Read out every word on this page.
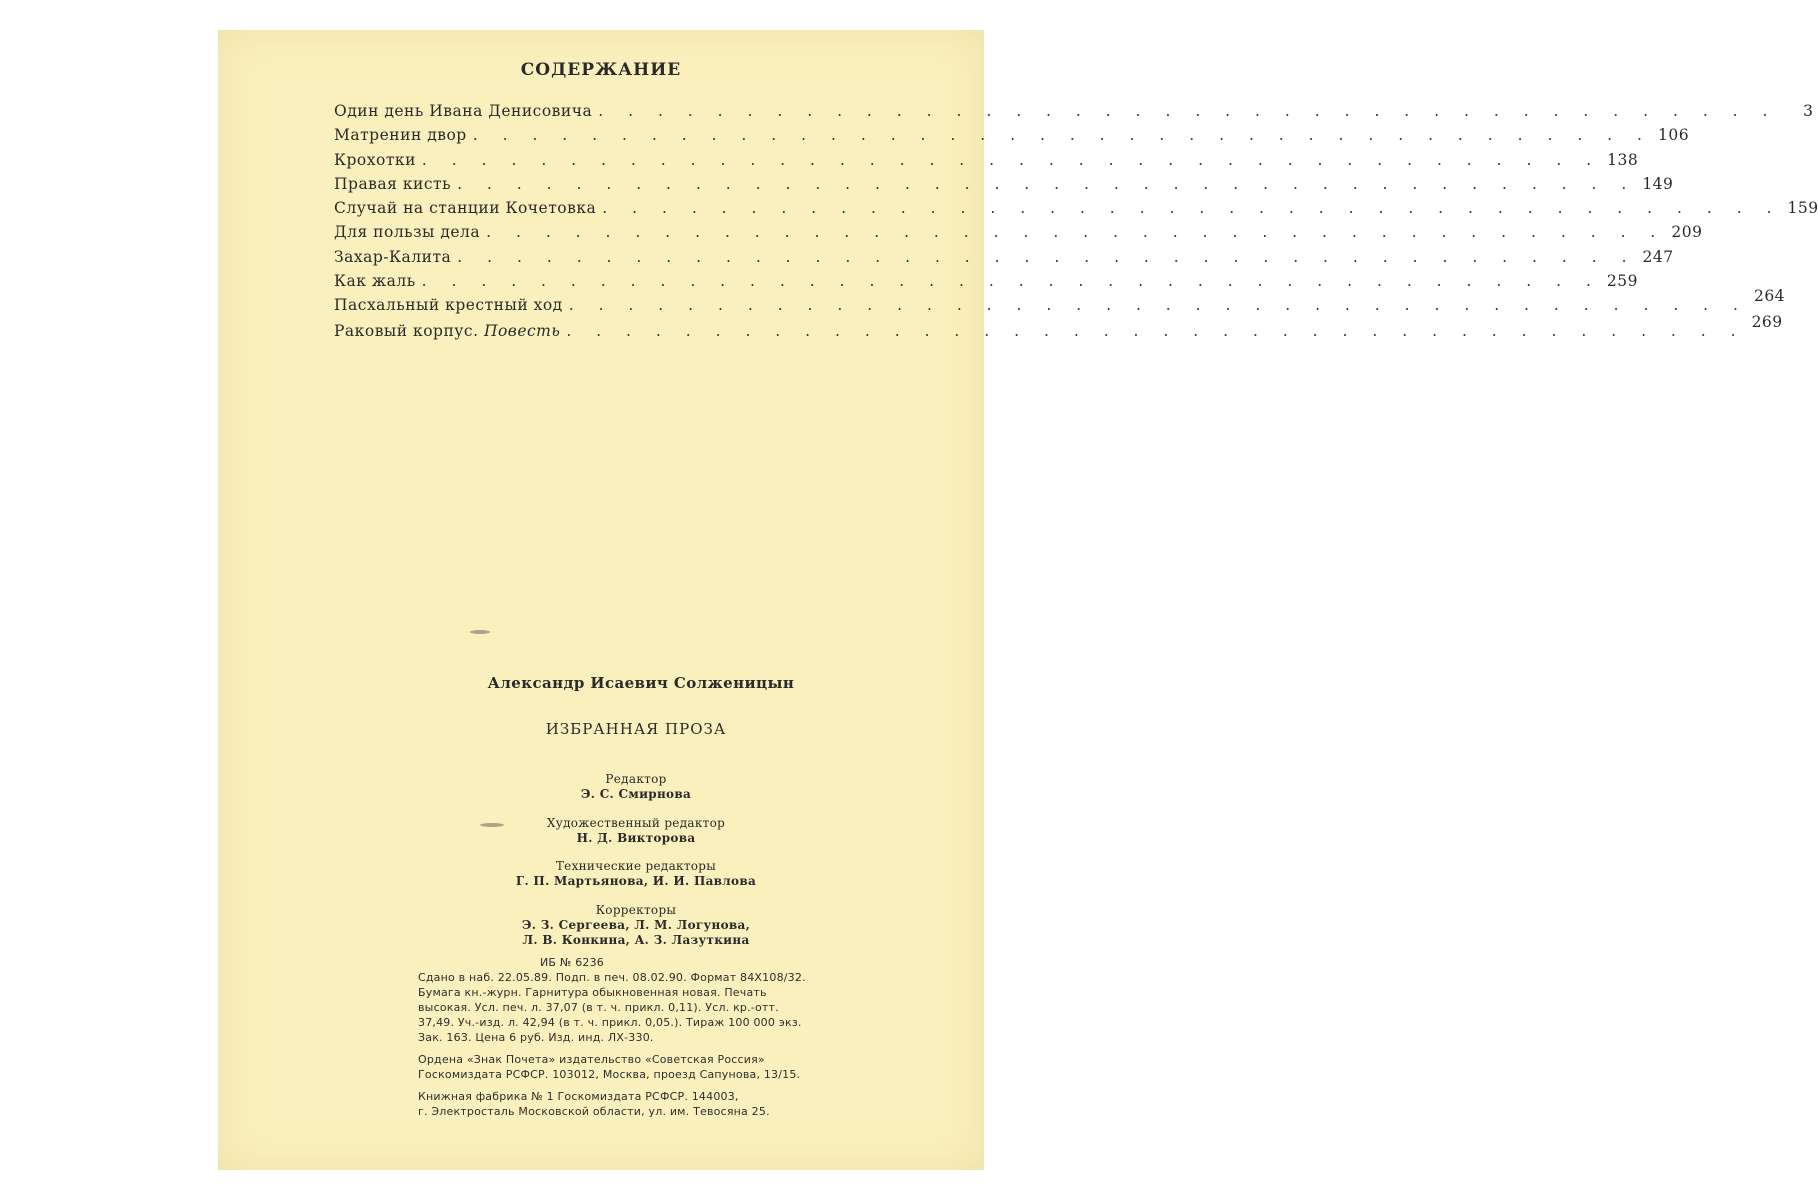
СОДЕРЖАНИЕ
Один день Ивана Денисовича . . . . . . . . . . . . . . . . . . . . . . . . . . . . . . . . . . . . . . . .	3
Матренин двор . . . . . . . . . . . . . . . . . . . . . . . . . . . . . . . . . . . . . . . . 106
Крохотки . . . . . . . . . . . . . . . . . . . . . . . . . . . . . . . . . . . . . . . . 138
Правая кисть . . . . . . . . . . . . . . . . . . . . . . . . . . . . . . . . . . . . . . . . 149
Случай на станции Кочетовка . . . . . . . . . . . . . . . . . . . . . . . . . . . . . . . . . . . . . . . . 159
Для пользы дела . . . . . . . . . . . . . . . . . . . . . . . . . . . . . . . . . . . . . . . . 209
Захар-Калита . . . . . . . . . . . . . . . . . . . . . . . . . . . . . . . . . . . . . . . . 247
Как жаль . . . . . . . . . . . . . . . . . . . . . . . . . . . . . . . . . . . . . . . . 259
Пасхальный крестный ход . . . . . . . . . . . . . . . . . . . . . . . . . . . . . . . . . . . . . . . . 264
Раковый корпус. Повесть . . . . . . . . . . . . . . . . . . . . . . . . . . . . . . . . . . . . . . . . 269
Александр Исаевич Солженицын
ИЗБРАННАЯ ПРОЗА
Редактор
Э. С. Смирнова
Художественный редактор
Н. Д. Викторова
Технические редакторы
Г. П. Мартьянова, И. И. Павлова
Корректоры
Э. З. Сергеева, Л. М. Логунова,
Л. В. Конкина, А. З. Лазуткина
ИБ № 6236
Сдано в наб. 22.05.89. Подп. в печ. 08.02.90. Формат 84Х108/32.
Бумага кн.-журн. Гарнитура обыкновенная новая. Печать
высокая. Усл. печ. л. 37,07 (в т. ч. прикл. 0,11). Усл. кр.-отт.
37,49. Уч.-изд. л. 42,94 (в т. ч. прикл. 0,05.). Тираж 100 000 экз.
Зак. 163. Цена 6 руб. Изд. инд. ЛХ-330.
Ордена «Знак Почета» издательство «Советская Россия»
Госкомиздата РСФСР. 103012, Москва, проезд Сапунова, 13/15.
Книжная фабрика № 1 Госкомиздата РСФСР. 144003,
г. Электросталь Московской области, ул. им. Тевосяна 25.
